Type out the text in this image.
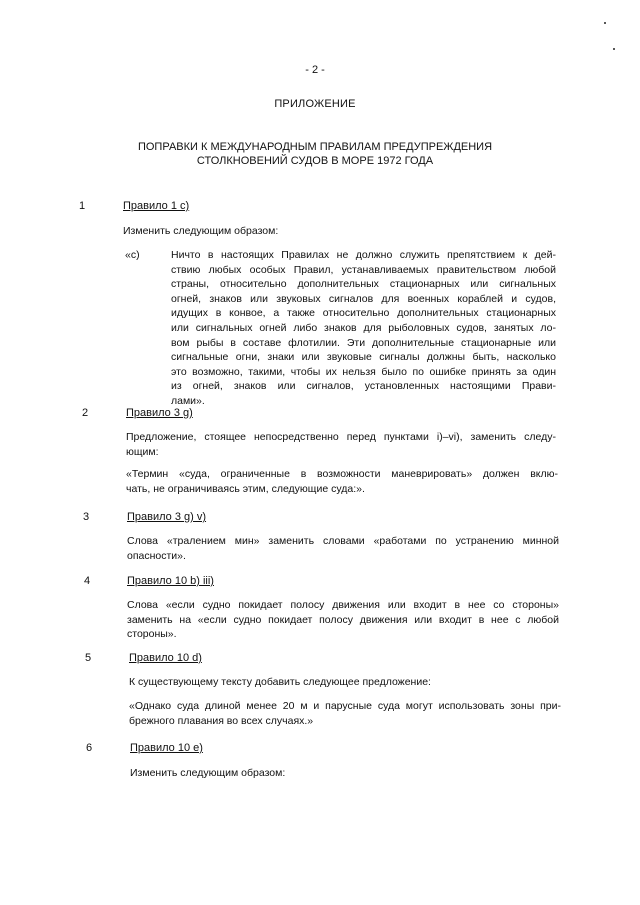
- 2 -
ПРИЛОЖЕНИЕ
ПОПРАВКИ К МЕЖДУНАРОДНЫМ ПРАВИЛАМ ПРЕДУПРЕЖДЕНИЯ
СТОЛКНОВЕНИЙ СУДОВ В МОРЕ 1972 ГОДА
1	Правило 1 c)
Изменить следующим образом:
«c)	Ничто в настоящих Правилах не должно служить препятствием к дей-
ствию любых особых Правил, устанавливаемых правительством любой
страны, относительно дополнительных стационарных или сигнальных
огней, знаков или звуковых сигналов для военных кораблей и судов,
идущих в конвое, а также относительно дополнительных стационарных
или сигнальных огней либо знаков для рыболовных судов, занятых ло-
вом рыбы в составе флотилии. Эти дополнительные стационарные или
сигнальные огни, знаки или звуковые сигналы должны быть, насколько
это возможно, такими, чтобы их нельзя было по ошибке принять за один
из огней, знаков или сигналов, установленных настоящими Прави-
лами».
2	Правило 3 g)
Предложение, стоящее непосредственно перед пунктами i)–vi), заменить следу-
ющим:
«Термин «суда, ограниченные в возможности маневрировать» должен вклю-
чать, не ограничиваясь этим, следующие суда:».
3	Правило 3 g) v)
Слова «тралением мин» заменить словами «работами по устранению минной
опасности».
4	Правило 10 b) iii)
Слова «если судно покидает полосу движения или входит в нее со стороны»
заменить на «если судно покидает полосу движения или входит в нее с любой
стороны».
5	Правило 10 d)
К существующему тексту добавить следующее предложение:
«Однако суда длиной менее 20 м и парусные суда могут использовать зоны при-
брежного плавания во всех случаях.»
6	Правило 10 e)
Изменить следующим образом:
